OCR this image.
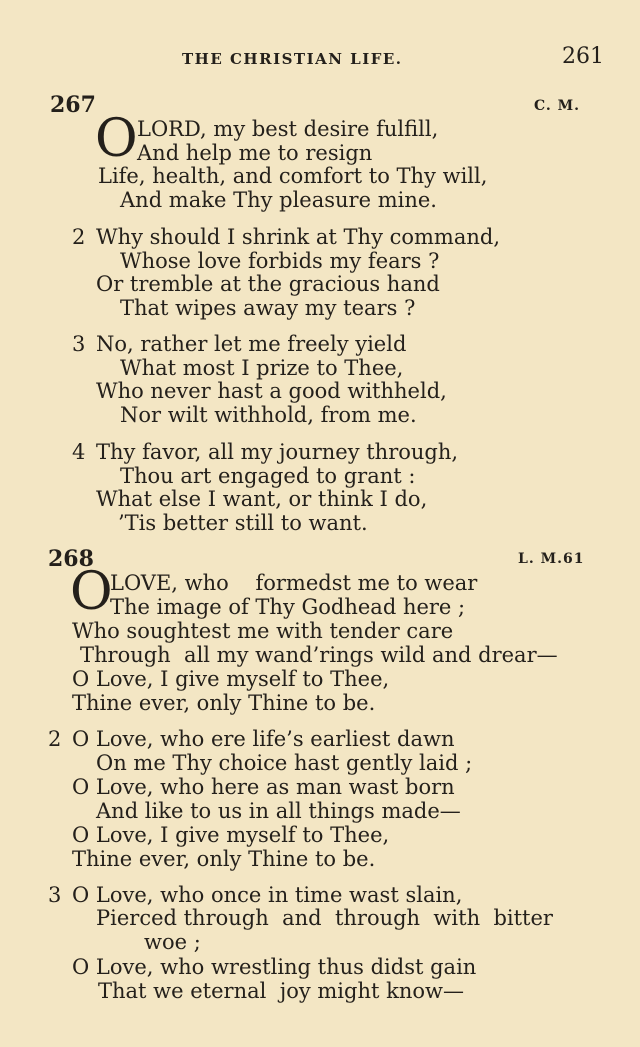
THE CHRISTIAN LIFE.	261
267	C. M.
O LORD, my best desire fulfill,
And help me to resign
Life, health, and comfort to Thy will,
And make Thy pleasure mine.
2 Why should I shrink at Thy command,
Whose love forbids my fears ?
Or tremble at the gracious hand
That wipes away my tears ?
3 No, rather let me freely yield
What most I prize to Thee,
Who never hast a good withheld,
Nor wilt withhold, from me.
4 Thy favor, all my journey through,
Thou art engaged to grant :
What else I want, or think I do,
’Tis better still to want.
268	L. M.61
O
LOVE, who    formedst me to wear
The image of Thy Godhead here ;
Who soughtest me with tender care
Through  all my wand’rings wild and drear—
O Love, I give myself to Thee,
Thine ever, only Thine to be.
2 O Love, who ere life’s earliest dawn
On me Thy choice hast gently laid ;
O Love, who here as man wast born
And like to us in all things made—
O Love, I give myself to Thee,
Thine ever, only Thine to be.
3 O Love, who once in time wast slain,
Pierced through  and  through  with  bitter
woe ;
O Love, who wrestling thus didst gain
That we eternal  joy might know—
